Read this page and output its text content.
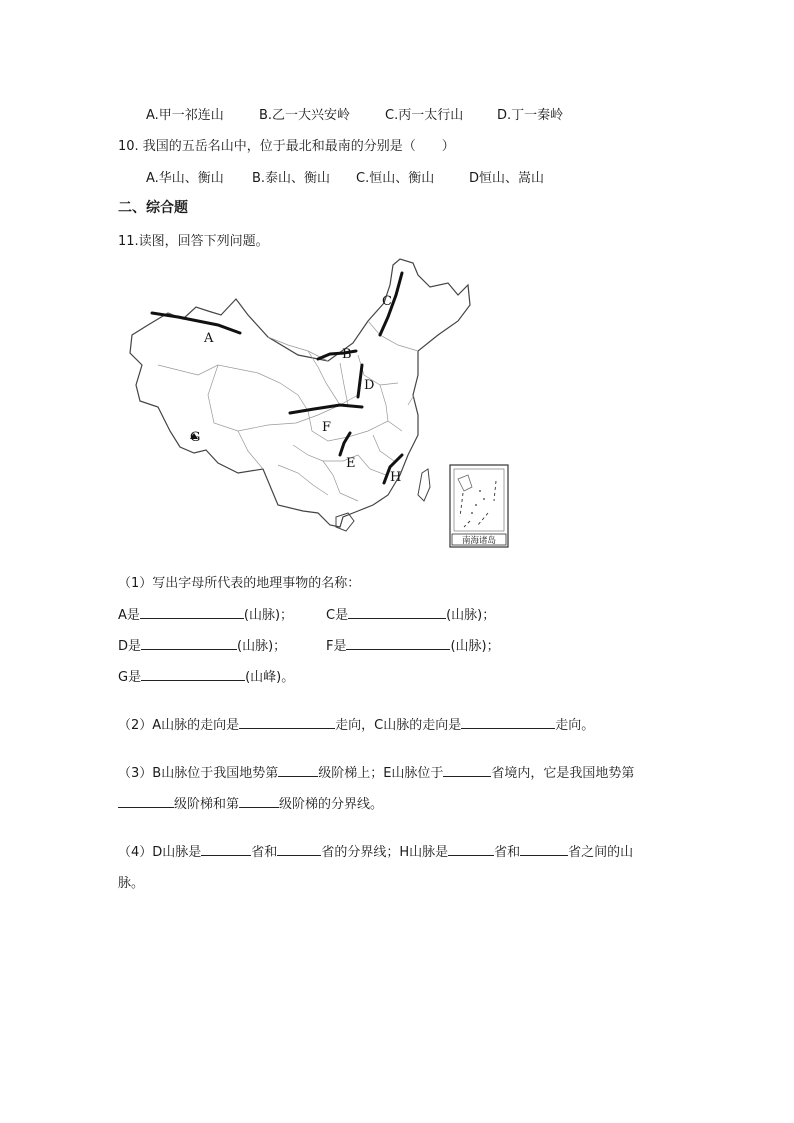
A.甲一祁连山	B.乙一大兴安岭	C.丙一太行山	D.丁一秦岭
10. 我国的五岳名山中，位于最北和最南的分别是（　　）
A.华山、衡山 B.泰山、衡山 C.恒山、衡山	D恒山、嵩山
二、综合题
11.读图，回答下列问题。
A
B
C
D
E
F
G
H
南海诸岛
（1）写出字母所代表的地理事物的名称：
A是	(山脉)；	C是	(山脉)；
D是	(山脉)；	F是	(山脉)；
G是	(山峰)。
（2）A山脉的走向是	走向，C山脉的走向是	走向。
（3）B山脉位于我国地势第	级阶梯上；E山脉位于	省境内，它是我国地势第
级阶梯和第	级阶梯的分界线。
（4）D山脉是	省和	省的分界线；H山脉是	省和	省之间的山
脉。
